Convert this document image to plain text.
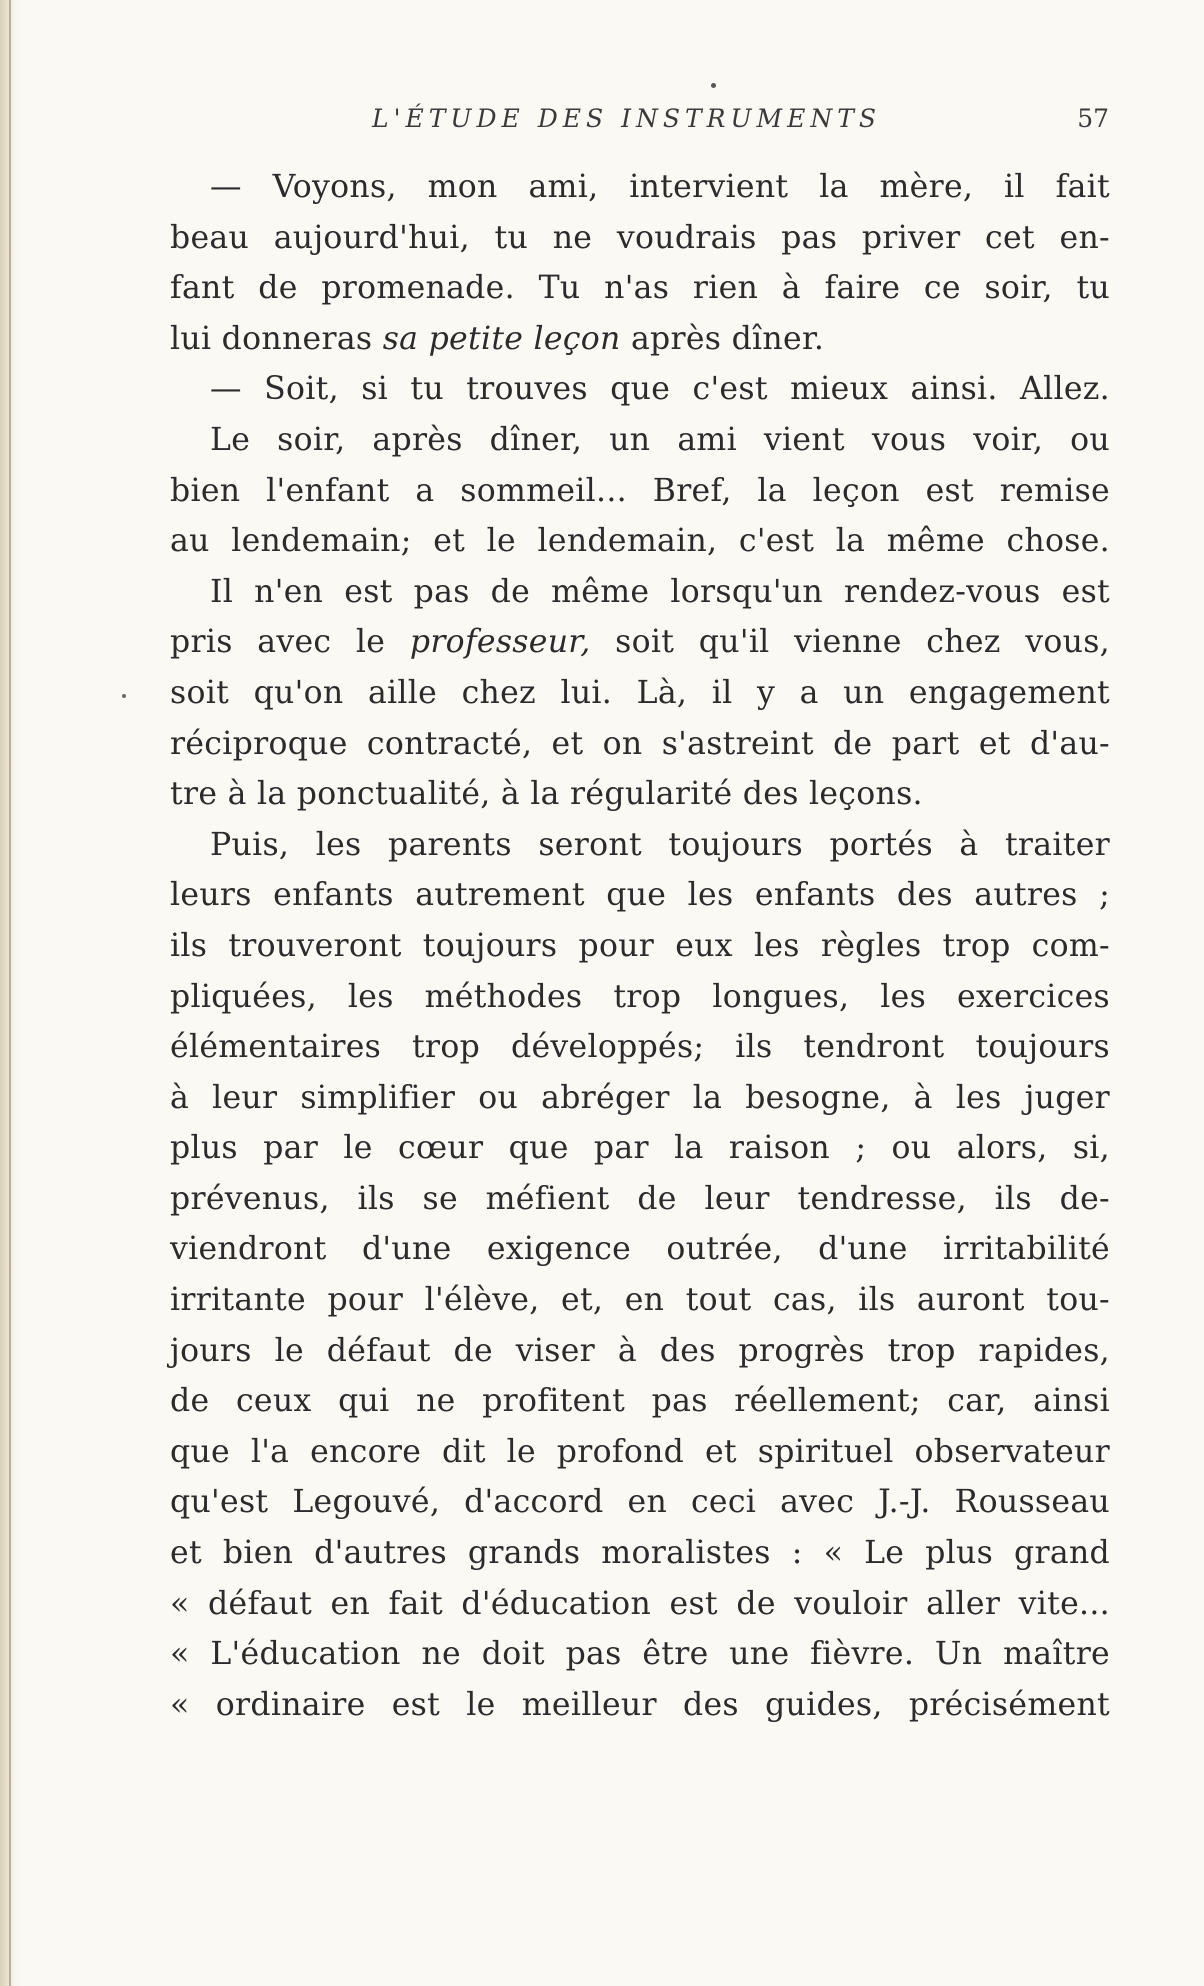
L'ÉTUDE DES INSTRUMENTS	57
— Voyons, mon ami, intervient la mère, il fait
beau aujourd'hui, tu ne voudrais pas priver cet en-
fant de promenade. Tu n'as rien à faire ce soir, tu
lui donneras sa petite leçon après dîner.
— Soit, si tu trouves que c'est mieux ainsi. Allez.
Le soir, après dîner, un ami vient vous voir, ou
bien l'enfant a sommeil... Bref, la leçon est remise
au lendemain; et le lendemain, c'est la même chose.
Il n'en est pas de même lorsqu'un rendez-vous est
pris avec le professeur, soit qu'il vienne chez vous,
soit qu'on aille chez lui. Là, il y a un engagement
réciproque contracté, et on s'astreint de part et d'au-
tre à la ponctualité, à la régularité des leçons.
Puis, les parents seront toujours portés à traiter
leurs enfants autrement que les enfants des autres ;
ils trouveront toujours pour eux les règles trop com-
pliquées, les méthodes trop longues, les exercices
élémentaires trop développés; ils tendront toujours
à leur simplifier ou abréger la besogne, à les juger
plus par le cœur que par la raison ; ou alors, si,
prévenus, ils se méfient de leur tendresse, ils de-
viendront d'une exigence outrée, d'une irritabilité
irritante pour l'élève, et, en tout cas, ils auront tou-
jours le défaut de viser à des progrès trop rapides,
de ceux qui ne profitent pas réellement; car, ainsi
que l'a encore dit le profond et spirituel observateur
qu'est Legouvé, d'accord en ceci avec J.-J. Rousseau
et bien d'autres grands moralistes : « Le plus grand
« défaut en fait d'éducation est de vouloir aller vite...
« L'éducation ne doit pas être une fièvre. Un maître
« ordinaire est le meilleur des guides, précisément
